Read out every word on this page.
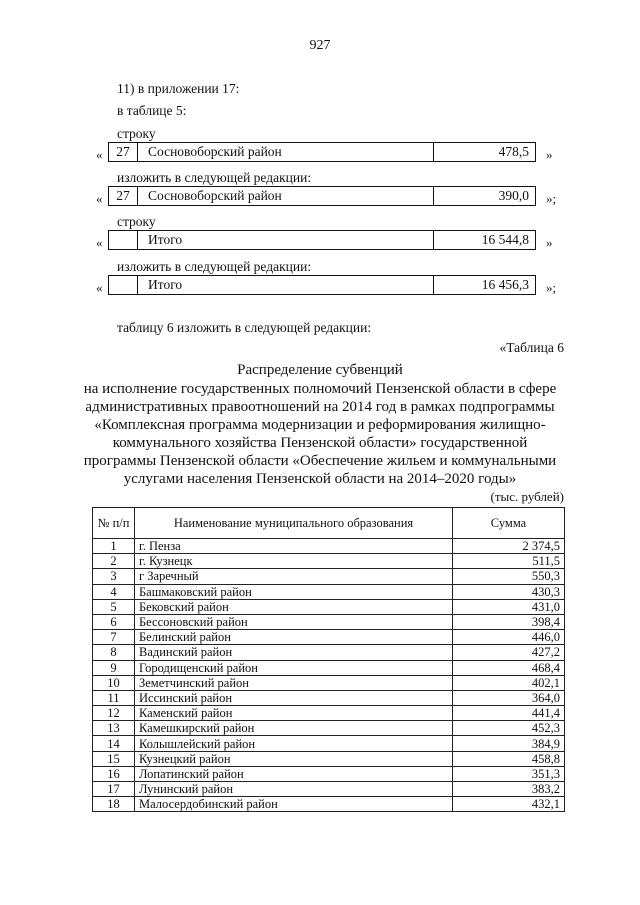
927
11) в приложении 17:
в таблице 5:
строку
«	27	Сосновоборский район	478,5	»
изложить в следующей редакции:
«	27	Сосновоборский район	390,0	»;
строку
«	Итого	16 544,8	»
изложить в следующей редакции:
«	Итого	16 456,3	»;
таблицу 6 изложить в следующей редакции:
«Таблица 6
Распределение субвенций
на исполнение государственных полномочий Пензенской области в сфере
административных правоотношений на 2014 год в рамках подпрограммы
«Комплексная программа модернизации и реформирования жилищно-
коммунального хозяйства Пензенской области» государственной
программы Пензенской области «Обеспечение жильем и коммунальными
услугами населения Пензенской области на 2014–2020 годы»
(тыс. рублей)
№ п/п	Наименование муниципального образования	Сумма
1	г. Пенза	2 374,5
2	г. Кузнецк	511,5
3	г Заречный	550,3
4	Башмаковский район	430,3
5	Бековский район	431,0
6	Бессоновский район	398,4
7	Белинский район	446,0
8	Вадинский район	427,2
9	Городищенский район	468,4
10	Земетчинский район	402,1
11	Иссинский район	364,0
12	Каменский район	441,4
13	Камешкирский район	452,3
14	Колышлейский район	384,9
15	Кузнецкий район	458,8
16	Лопатинский район	351,3
17	Лунинский район	383,2
18	Малосердобинский район	432,1
